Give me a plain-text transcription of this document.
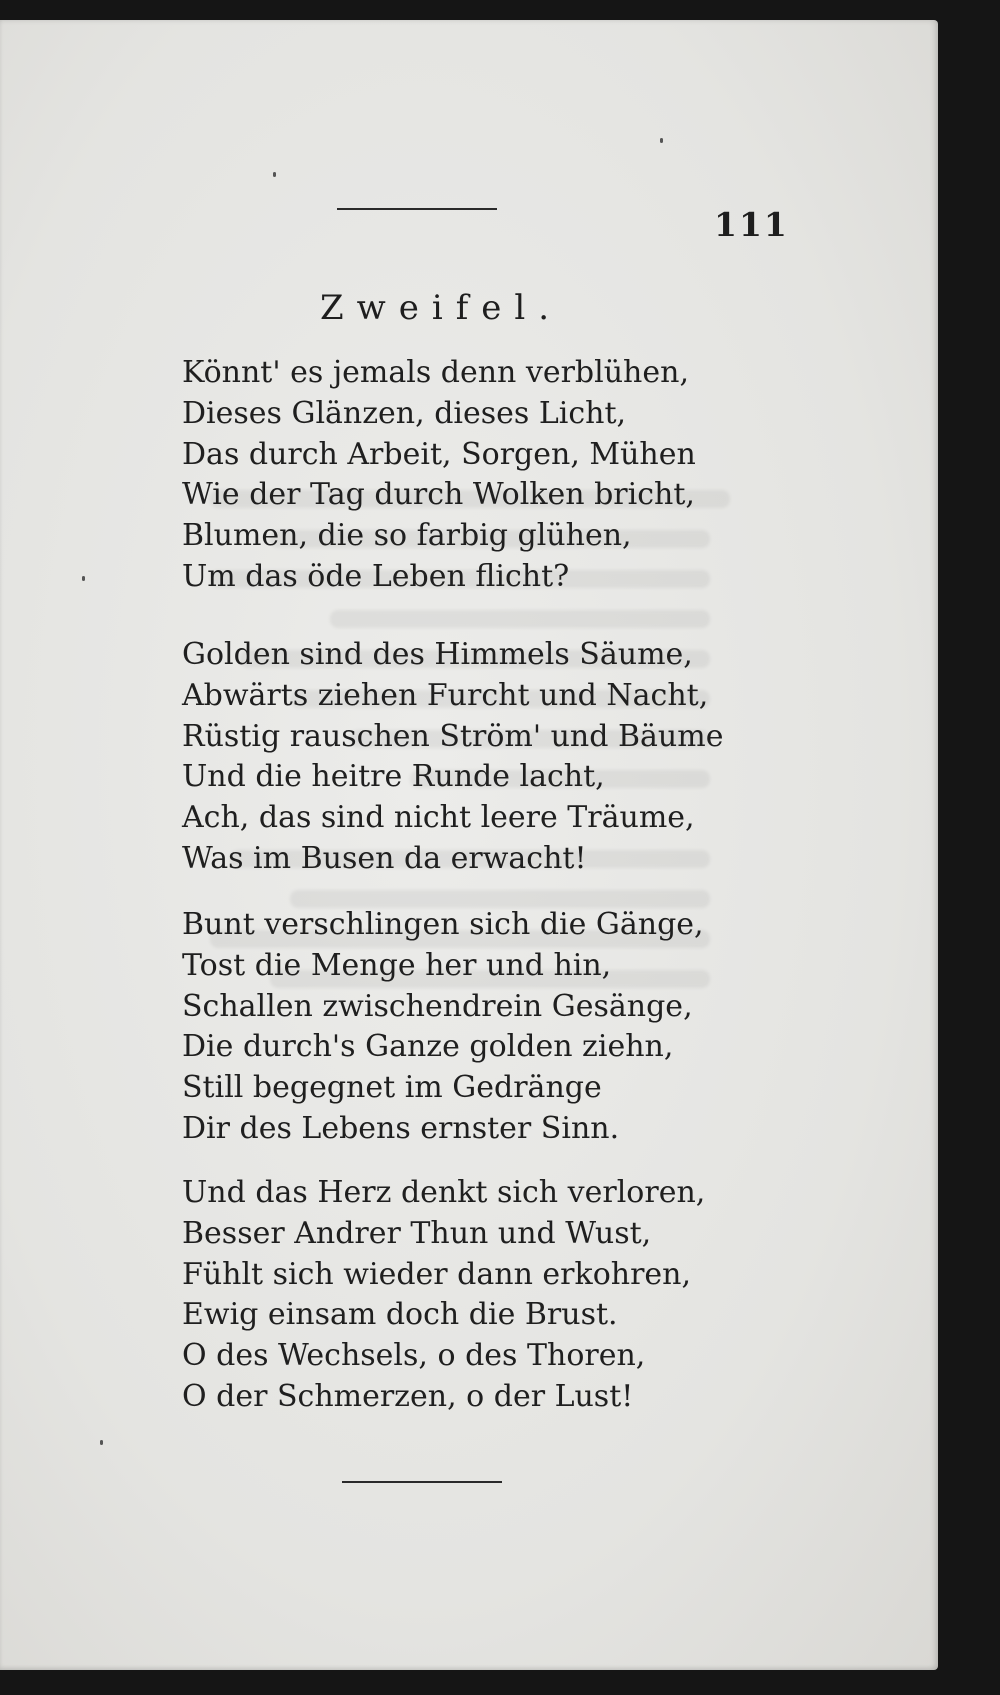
111
Zweifel.
Könnt' es jemals denn verblühen,
Dieses Glänzen, dieses Licht,
Das durch Arbeit, Sorgen, Mühen
Wie der Tag durch Wolken bricht,
Blumen, die so farbig glühen,
Um das öde Leben flicht?
Golden sind des Himmels Säume,
Abwärts ziehen Furcht und Nacht,
Rüstig rauschen Ström' und Bäume
Und die heitre Runde lacht,
Ach, das sind nicht leere Träume,
Was im Busen da erwacht!
Bunt verschlingen sich die Gänge,
Tost die Menge her und hin,
Schallen zwischendrein Gesänge,
Die durch's Ganze golden ziehn,
Still begegnet im Gedränge
Dir des Lebens ernster Sinn.
Und das Herz denkt sich verloren,
Besser Andrer Thun und Wust,
Fühlt sich wieder dann erkohren,
Ewig einsam doch die Brust.
O des Wechsels, o des Thoren,
O der Schmerzen, o der Lust!
